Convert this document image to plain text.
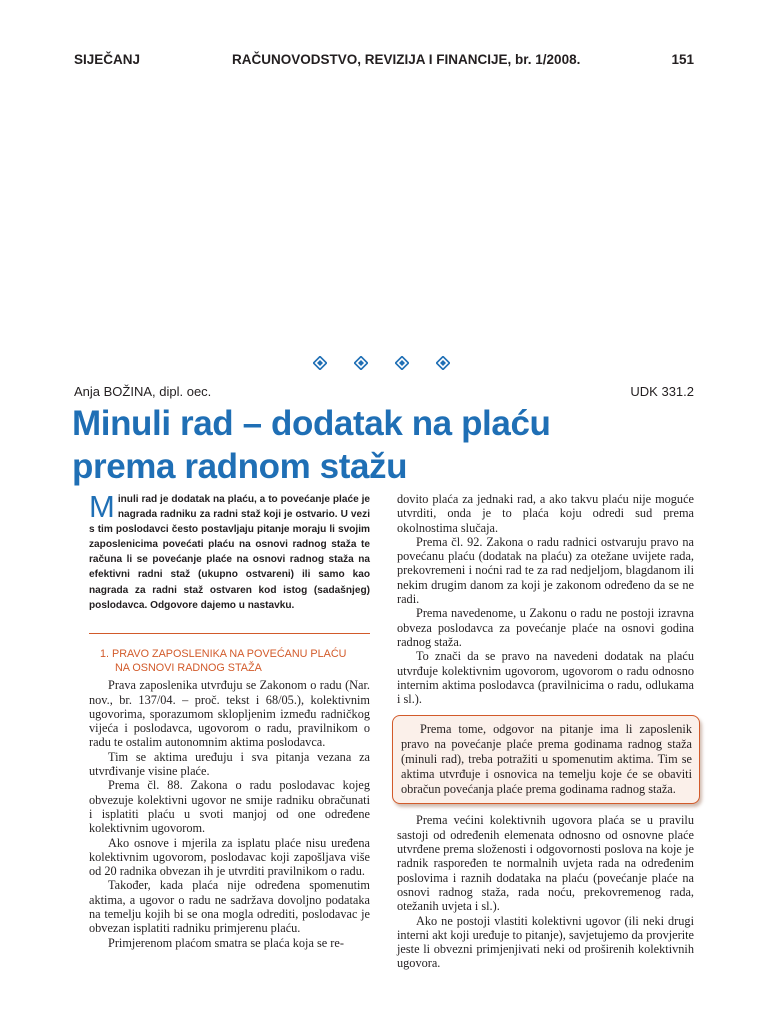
SIJEČANJ	RAČUNOVODSTVO, REVIZIJA I FINANCIJE, br. 1/2008.	151
Anja BOŽINA, dipl. oec.	UDK 331.2
Minuli rad – dodatak na plaću
prema radnom stažu
Minuli rad je dodatak na plaću, a to povećanje plaće je nagrada radniku za radni staž koji je ostvario. U vezi s tim poslodavci često postavljaju pitanje moraju li svojim zaposlenicima povećati plaću na osnovi radnog staža te računa li se povećanje plaće na osnovi radnog staža na efektivni radni staž (ukupno ostvareni) ili samo kao nagrada za radni staž ostvaren kod istog (sadašnjeg) poslodavca. Odgovore dajemo u nastavku.
1. PRAVO ZAPOSLENIKA NA POVEĆANU PLAĆU
NA OSNOVI RADNOG STAŽA

Prava zaposlenika utvrđuju se Zakonom o radu (Nar. nov., br. 137/04. – proč. tekst i 68/05.), kolektivnim ugovorima, sporazumom sklopljenim između radničkog vijeća i poslodavca, ugovorom o radu, pravilnikom o radu te ostalim autonomnim aktima poslodavca.

Tim se aktima uređuju i sva pitanja vezana za utvrđivanje visine plaće.

Prema čl. 88. Zakona o radu poslodavac kojeg obvezuje kolektivni ugovor ne smije radniku obračunati i isplatiti plaću u svoti manjoj od one određene kolektivnim ugovorom.

Ako osnove i mjerila za isplatu plaće nisu uređena kolektivnim ugovorom, poslodavac koji zapošljava više od 20 radnika obvezan ih je utvrditi pravilnikom o radu.

Također, kada plaća nije određena spomenutim aktima, a ugovor o radu ne sadržava dovoljno podataka na temelju kojih bi se ona mogla odrediti, poslodavac je obvezan isplatiti radniku primjerenu plaću.

Primjerenom plaćom smatra se plaća koja se re-

dovito plaća za jednaki rad, a ako takvu plaću nije moguće utvrditi, onda je to plaća koju odredi sud prema okolnostima slučaja.

Prema čl. 92. Zakona o radu radnici ostvaruju pravo na povećanu plaću (dodatak na plaću) za otežane uvijete rada, prekovremeni i noćni rad te za rad nedjeljom, blagdanom ili nekim drugim danom za koji je zakonom određeno da se ne radi.

Prema navedenome, u Zakonu o radu ne postoji izravna obveza poslodavca za povećanje plaće na osnovi godina radnog staža.

To znači da se pravo na navedeni dodatak na plaću utvrđuje kolektivnim ugovorom, ugovorom o radu odnosno internim aktima poslodavca (pravilnicima o radu, odlukama i sl.).

Prema tome, odgovor na pitanje ima li zaposlenik pravo na povećanje plaće prema godinama radnog staža (minuli rad), treba potražiti u spomenutim aktima. Tim se aktima utvrđuje i osnovica na temelju koje će se obaviti obračun povećanja plaće prema godinama radnog staža.

Prema većini kolektivnih ugovora plaća se u pravilu sastoji od određenih elemenata odnosno od osnovne plaće utvrđene prema složenosti i odgovornosti poslova na koje je radnik raspoređen te normalnih uvjeta rada na određenim poslovima i raznih dodataka na plaću (povećanje plaće na osnovi radnog staža, rada noću, prekovremenog rada, otežanih uvjeta i sl.).

Ako ne postoji vlastiti kolektivni ugovor (ili neki drugi interni akt koji uređuje to pitanje), savjetujemo da provjerite jeste li obvezni primjenjivati neki od proširenih kolektivnih ugovora.
